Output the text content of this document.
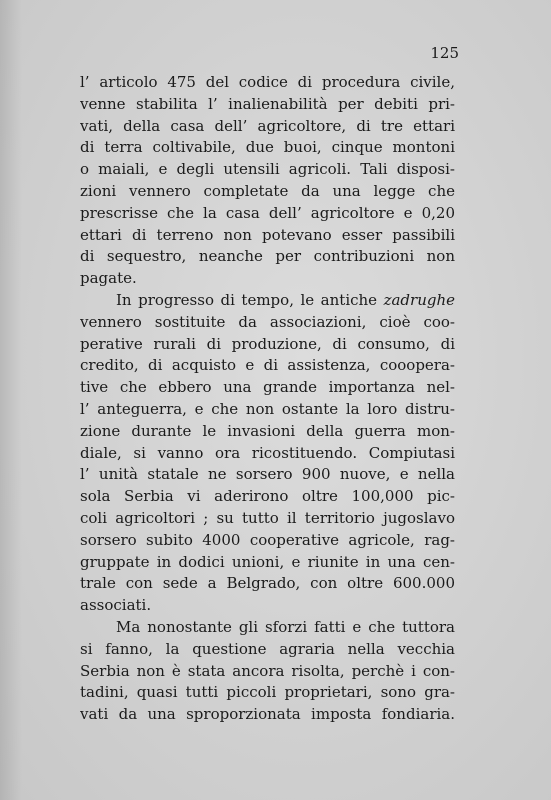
125

l’ articolo 475 del codice di procedura civile,
venne stabilita l’ inalienabilità per debiti pri-
vati, della casa dell’ agricoltore, di tre ettari
di terra coltivabile, due buoi, cinque montoni
o maiali, e degli utensili agricoli. Tali disposi-
zioni vennero completate da una legge che
prescrisse che la casa dell’ agricoltore e 0,20
ettari di terreno non potevano esser passibili
di sequestro, neanche per contribuzioni non
pagate.

In progresso di tempo, le antiche zadrughe
vennero sostituite da associazioni, cioè coo-
perative rurali di produzione, di consumo, di
credito, di acquisto e di assistenza, cooopera-
tive che ebbero una grande importanza nel-
l’ anteguerra, e che non ostante la loro distru-
zione durante le invasioni della guerra mon-
diale, si vanno ora ricostituendo. Compiutasi
l’ unità statale ne sorsero 900 nuove, e nella
sola Serbia vi aderirono oltre 100,000 pic-
coli agricoltori ; su tutto il territorio jugoslavo
sorsero subito 4000 cooperative agricole, rag-
gruppate in dodici unioni, e riunite in una cen-
trale con sede a Belgrado, con oltre 600.000
associati.

Ma nonostante gli sforzi fatti e che tuttora
si fanno, la questione agraria nella vecchia
Serbia non è stata ancora risolta, perchè i con-
tadini, quasi tutti piccoli proprietari, sono gra-
vati da una sproporzionata imposta fondiaria.
